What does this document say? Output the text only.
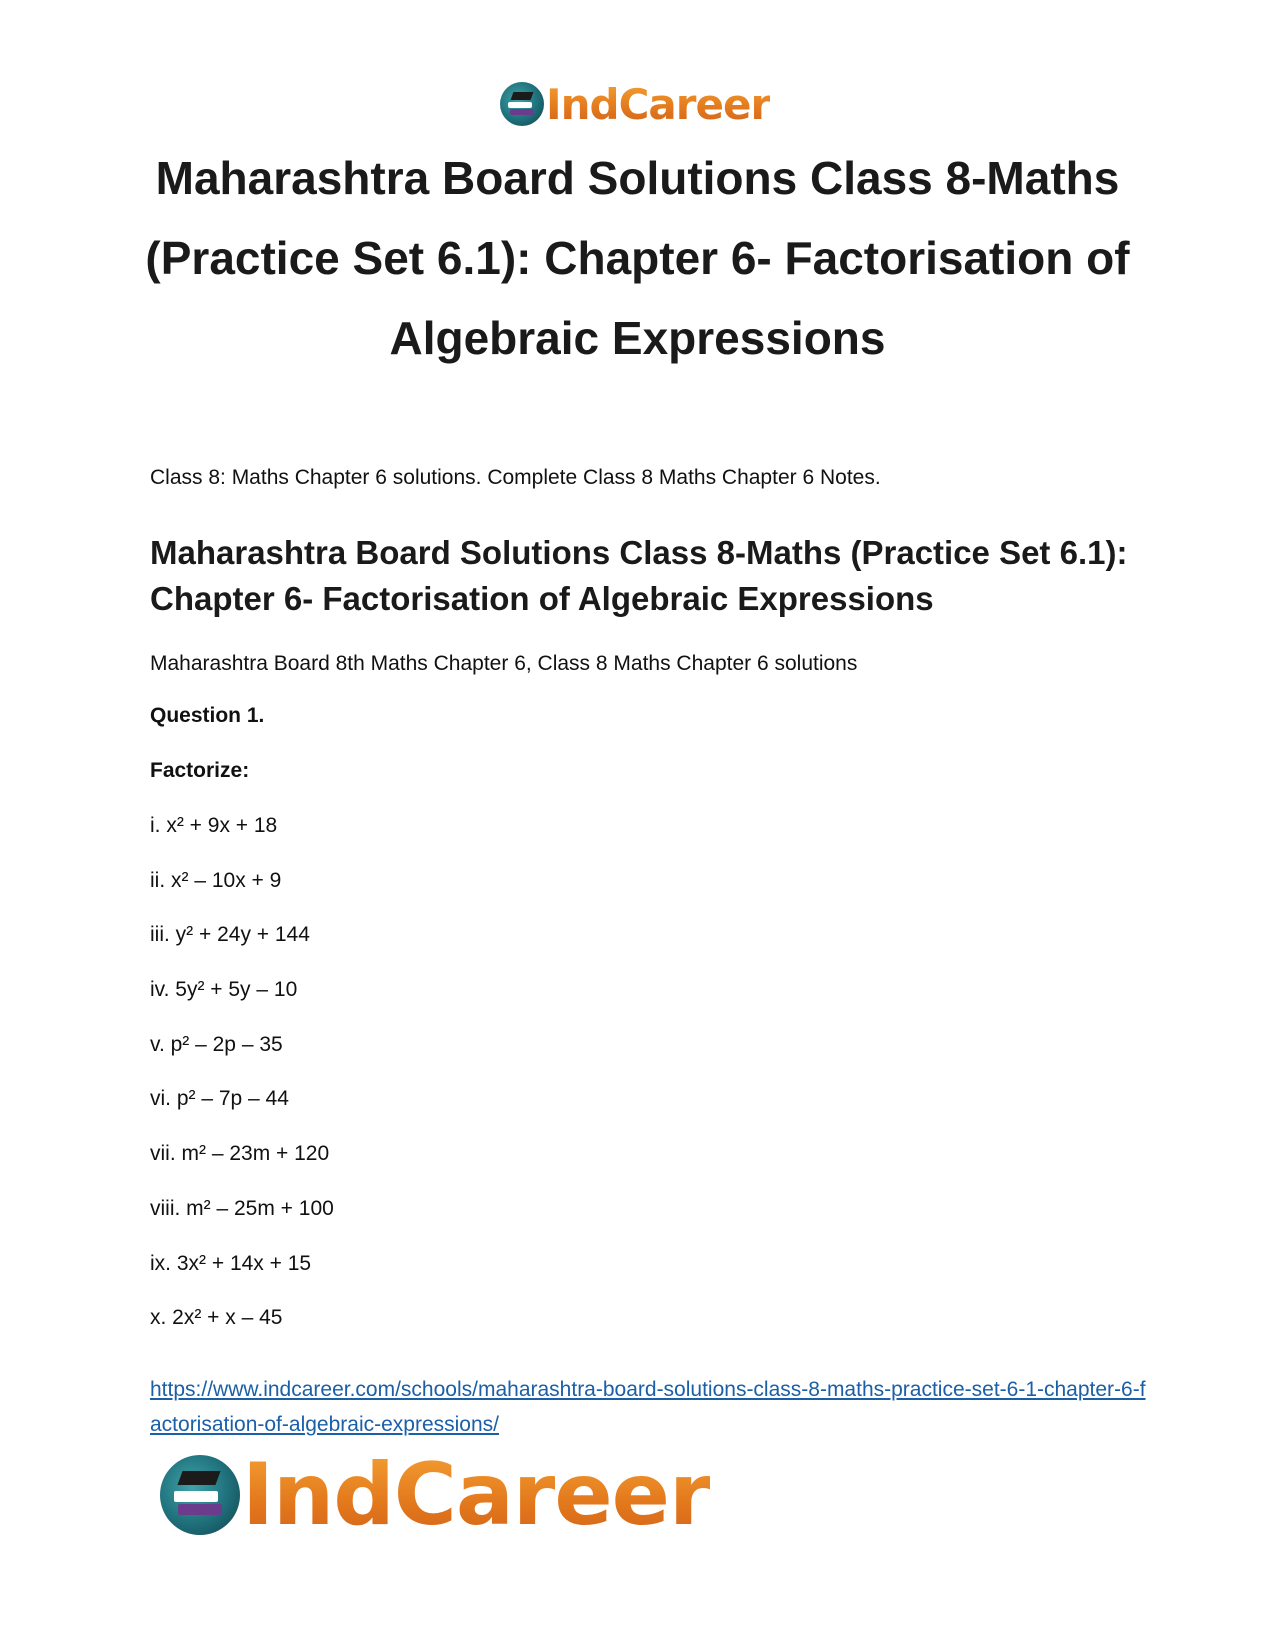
IndCareer
Maharashtra Board Solutions Class 8-Maths (Practice Set 6.1): Chapter 6- Factorisation of Algebraic Expressions

Class 8: Maths Chapter 6 solutions. Complete Class 8 Maths Chapter 6 Notes.

Maharashtra Board Solutions Class 8-Maths (Practice Set 6.1): Chapter 6- Factorisation of Algebraic Expressions

Maharashtra Board 8th Maths Chapter 6, Class 8 Maths Chapter 6 solutions

Question 1.

Factorize:

i. x² + 9x + 18
ii. x² – 10x + 9
iii. y² + 24y + 144
iv. 5y² + 5y – 10
v. p² – 2p – 35
vi. p² – 7p – 44
vii. m² – 23m + 120
viii. m² – 25m + 100
ix. 3x² + 14x + 15
x. 2x² + x – 45
https://www.indcareer.com/schools/maharashtra-board-solutions-class-8-maths-practice-set-6-1-chapter-6-factorisation-of-algebraic-expressions/
IndCareer
